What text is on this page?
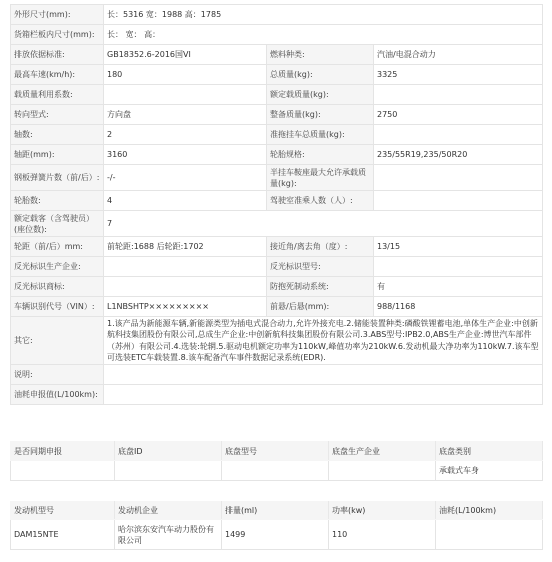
外形尺寸(mm):	长：5316 宽：1988 高：1785		
货箱栏板内尺寸(mm):	长： 宽： 高：		
排放依据标准:	GB18352.6-2016国VI	燃料种类:	汽油/电混合动力
最高车速(km/h):	180	总质量(kg):	3325
载质量利用系数:		额定载质量(kg):	
转向型式:	方向盘	整备质量(kg):	2750
轴数:	2	准拖挂车总质量(kg):	
轴距(mm):	3160	轮胎规格:	235/55R19,235/50R20
钢板弹簧片数（前/后）:	-/-	半挂车鞍座最大允许承载质量(kg):	
轮胎数:	4	驾驶室准乘人数（人）:	
额定载客（含驾驶员）(座位数):	7		
轮距（前/后）mm:	前轮距:1688 后轮距:1702	接近角/离去角（度）:	13/15
反光标识生产企业:		反光标识型号:	
反光标识商标:		防抱死制动系统:	有
车辆识别代号（VIN）:	L1NBSHTP×××××××××	前悬/后悬(mm):	988/1168
其它:	1.该产品为新能源车辆,新能源类型为插电式混合动力,允许外接充电.2.储能装置种类:磷酸铁锂蓄电池,单体生产企业:中创新航科技集团股份有限公司,总成生产企业:中创新航科技集团股份有限公司.3.ABS型号:IPB2.0,ABS生产企业:博世汽车部件（苏州）有限公司.4.选装:轮辋.5.驱动电机额定功率为110kW,峰值功率为210kW.6.发动机最大净功率为110kW.7.该车型可选装ETC车载装置.8.该车配备汽车事件数据记录系统(EDR).		
说明:			
油耗申报值(L/100km):			
是否同期申报	底盘ID	底盘型号	底盘生产企业	底盘类别
				承载式车身
发动机型号	发动机企业	排量(ml)	功率(kw)	油耗(L/100km)
DAM15NTE	哈尔滨东安汽车动力股份有限公司	1499	110	
